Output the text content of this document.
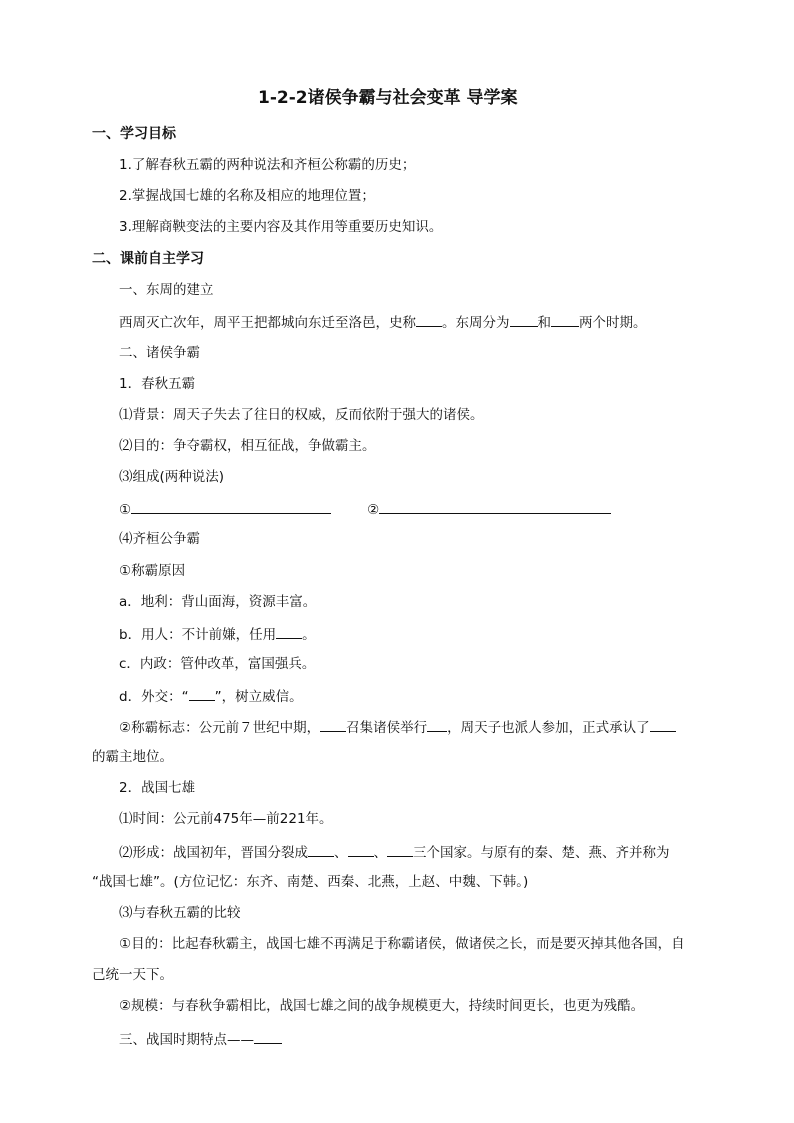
1-2-2诸侯争霸与社会变革 导学案
一、学习目标
1.了解春秋五霸的两种说法和齐桓公称霸的历史；
2.掌握战国七雄的名称及相应的地理位置；
3.理解商鞅变法的主要内容及其作用等重要历史知识。
二、课前自主学习
一、东周的建立
西周灭亡次年，周平王把都城向东迁至洛邑，史称 。东周分为 和 两个时期。
二、诸侯争霸
1．春秋五霸
⑴背景：周天子失去了往日的权威，反而依附于强大的诸侯。
⑵目的：争夺霸权，相互征战，争做霸主。
⑶组成(两种说法)
①	②
⑷齐桓公争霸
①称霸原因
a．地利：背山面海，资源丰富。
b．用人：不计前嫌，任用 。
c．内政：管仲改革，富国强兵。
d．外交：“ ”，树立威信。
②称霸标志：公元前７世纪中期， 召集诸侯举行 ，周天子也派人参加，正式承认了
的霸主地位。
2．战国七雄
⑴时间：公元前475年—前221年。
⑵形成：战国初年，晋国分裂成 、 、 三个国家。与原有的秦、楚、燕、齐并称为
“战国七雄”。(方位记忆：东齐、南楚、西秦、北燕，上赵、中魏、下韩。)
⑶与春秋五霸的比较
①目的：比起春秋霸主，战国七雄不再满足于称霸诸侯，做诸侯之长，而是要灭掉其他各国，自
己统一天下。
②规模：与春秋争霸相比，战国七雄之间的战争规模更大，持续时间更长，也更为残酷。
三、战国时期特点——
